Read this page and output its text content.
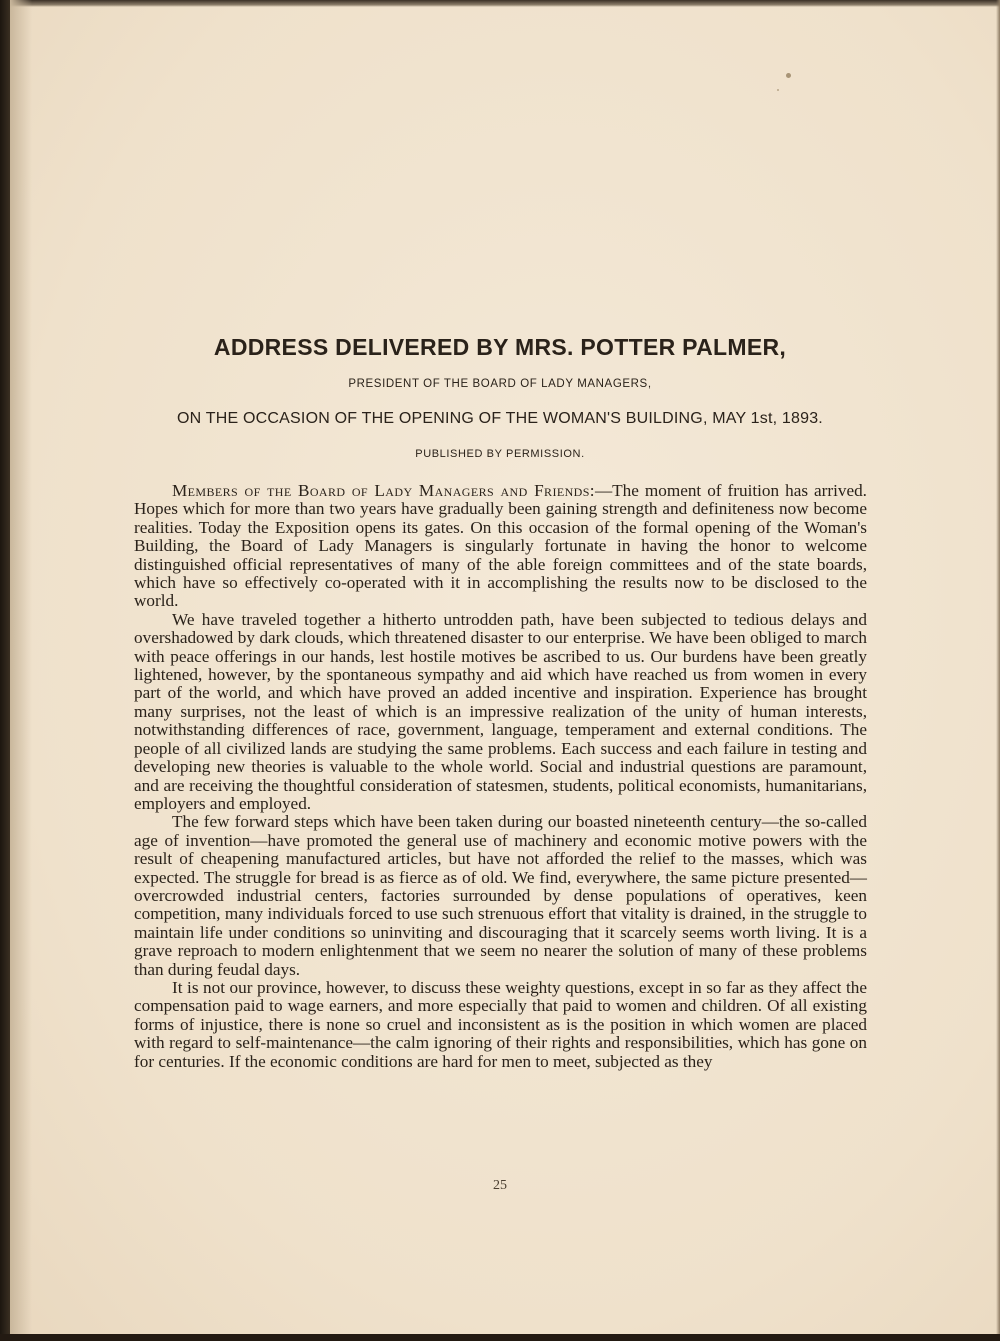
ADDRESS DELIVERED BY MRS. POTTER PALMER,
PRESIDENT OF THE BOARD OF LADY MANAGERS,
ON THE OCCASION OF THE OPENING OF THE WOMAN'S BUILDING, MAY 1st, 1893.
PUBLISHED BY PERMISSION.

Members of the Board of Lady Managers and Friends:—The moment of fruition has arrived. Hopes which for more than two years have gradually been gaining strength and definiteness now become realities. Today the Exposition opens its gates. On this occasion of the formal opening of the Woman's Building, the Board of Lady Managers is singularly fortunate in having the honor to welcome distinguished official representatives of many of the able foreign committees and of the state boards, which have so effectively co-operated with it in accomplishing the results now to be disclosed to the world.

We have traveled together a hitherto untrodden path, have been subjected to tedious delays and overshadowed by dark clouds, which threatened disaster to our enterprise. We have been obliged to march with peace offerings in our hands, lest hostile motives be ascribed to us. Our burdens have been greatly lightened, however, by the spontaneous sympathy and aid which have reached us from women in every part of the world, and which have proved an added incentive and inspiration. Experience has brought many surprises, not the least of which is an impressive realization of the unity of human interests, notwithstanding differences of race, government, language, temperament and external conditions. The people of all civilized lands are studying the same problems. Each success and each failure in testing and developing new theories is valuable to the whole world. Social and industrial questions are paramount, and are receiving the thoughtful consideration of statesmen, students, political economists, humanitarians, employers and employed.

The few forward steps which have been taken during our boasted nineteenth century—the so-called age of invention—have promoted the general use of machinery and economic motive powers with the result of cheapening manufactured articles, but have not afforded the relief to the masses, which was expected. The struggle for bread is as fierce as of old. We find, everywhere, the same picture presented—overcrowded industrial centers, factories surrounded by dense populations of operatives, keen competition, many individuals forced to use such strenuous effort that vitality is drained, in the struggle to maintain life under conditions so uninviting and discouraging that it scarcely seems worth living. It is a grave reproach to modern enlightenment that we seem no nearer the solution of many of these problems than during feudal days.

It is not our province, however, to discuss these weighty questions, except in so far as they affect the compensation paid to wage earners, and more especially that paid to women and children. Of all existing forms of injustice, there is none so cruel and inconsistent as is the position in which women are placed with regard to self-maintenance—the calm ignoring of their rights and responsibilities, which has gone on for centuries. If the economic conditions are hard for men to meet, subjected as they

25
